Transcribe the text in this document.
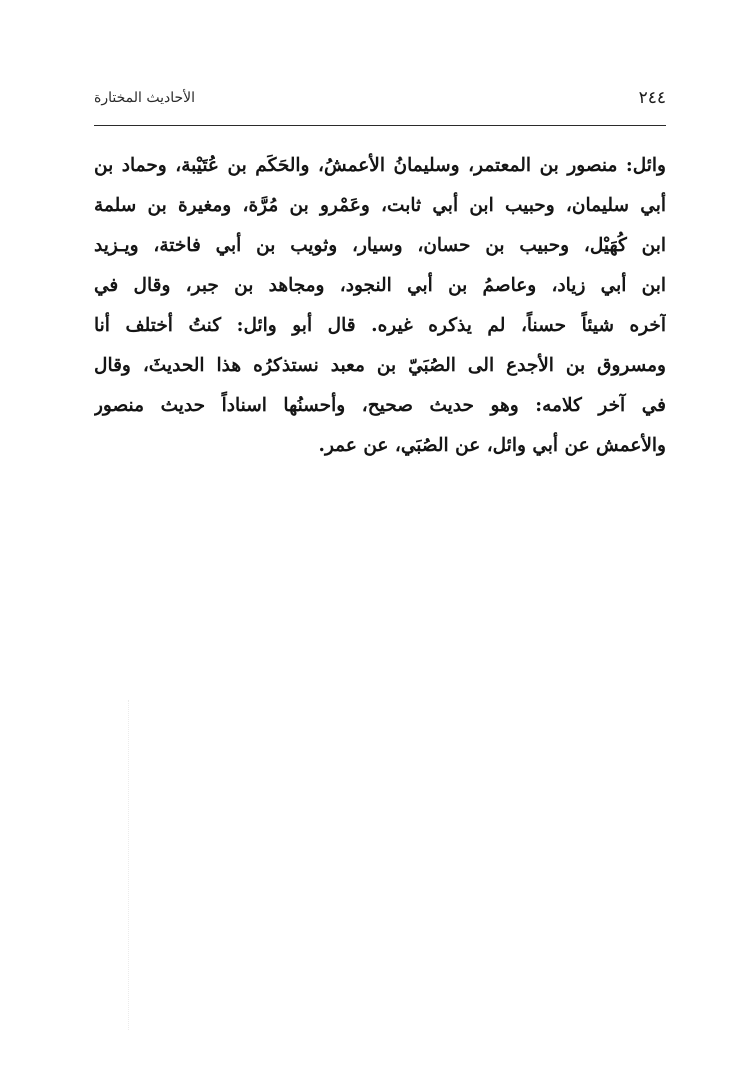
٢٤٤
الأحاديث المختارة
وائل: منصور بن المعتمر، وسليمانُ الأعمشُ، والحَكَم بن عُتَيْبة، وحماد بن
أبي سليمان، وحبيب ابن أبي ثابت، وعَمْرو بن مُرَّة، ومغيرة بن سلمة
ابن كُهَيْل، وحبيب بن حسان، وسيار، وثويب بن أبي فاختة، ويـزيد
ابن أبي زياد، وعاصمُ بن أبي النجود، ومجاهد بن جبر، وقال في
آخره شيئاً حسناً، لم يذكره غيره. قال أبو وائل: كنتُ أختلف أنا
ومسروق بن الأجدع الى الصُبَيّ بن معبد نستذكرُه هذا الحديثَ، وقال
في آخر كلامه: وهو حديث صحيح، وأحسنُها اسناداً حديث منصور
والأعمش عن أبي وائل، عن الصُبَي، عن عمر.
